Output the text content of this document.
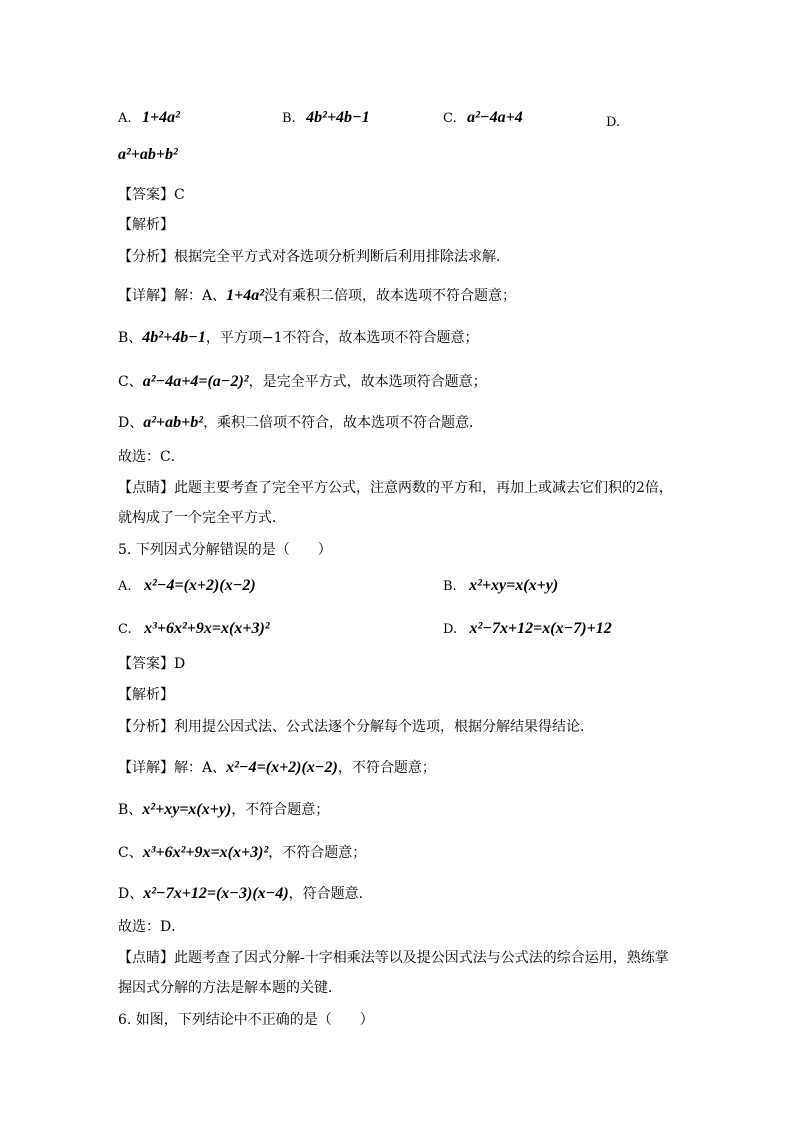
A. 1+4a²	B. 4b²+4b−1	C. a²−4a+4	D.
a²+ab+b²
【答案】C
【解析】
【分析】根据完全平方式对各选项分析判断后利用排除法求解．
【详解】解：A、1+4a²没有乘积二倍项，故本选项不符合题意；
B、4b²+4b−1，平方项−1不符合，故本选项不符合题意；
C、a²−4a+4=(a−2)²，是完全平方式，故本选项符合题意；
D、a²+ab+b²，乘积二倍项不符合，故本选项不符合题意．
故选：C．
【点睛】此题主要考查了完全平方公式，注意两数的平方和，再加上或减去它们积的2倍，
就构成了一个完全平方式．
5. 下列因式分解错误的是（　　）
A. x²−4=(x+2)(x−2)	B. x²+xy=x(x+y)
C. x³+6x²+9x=x(x+3)²	D. x²−7x+12=x(x−7)+12
【答案】D
【解析】
【分析】利用提公因式法、公式法逐个分解每个选项，根据分解结果得结论．
【详解】解：A、x²−4=(x+2)(x−2)，不符合题意；
B、x²+xy=x(x+y)，不符合题意；
C、x³+6x²+9x=x(x+3)²，不符合题意；
D、x²−7x+12=(x−3)(x−4)，符合题意．
故选：D．
【点睛】此题考查了因式分解-十字相乘法等以及提公因式法与公式法的综合运用，熟练掌
握因式分解的方法是解本题的关键．
6. 如图，下列结论中不正确的是（　　）
